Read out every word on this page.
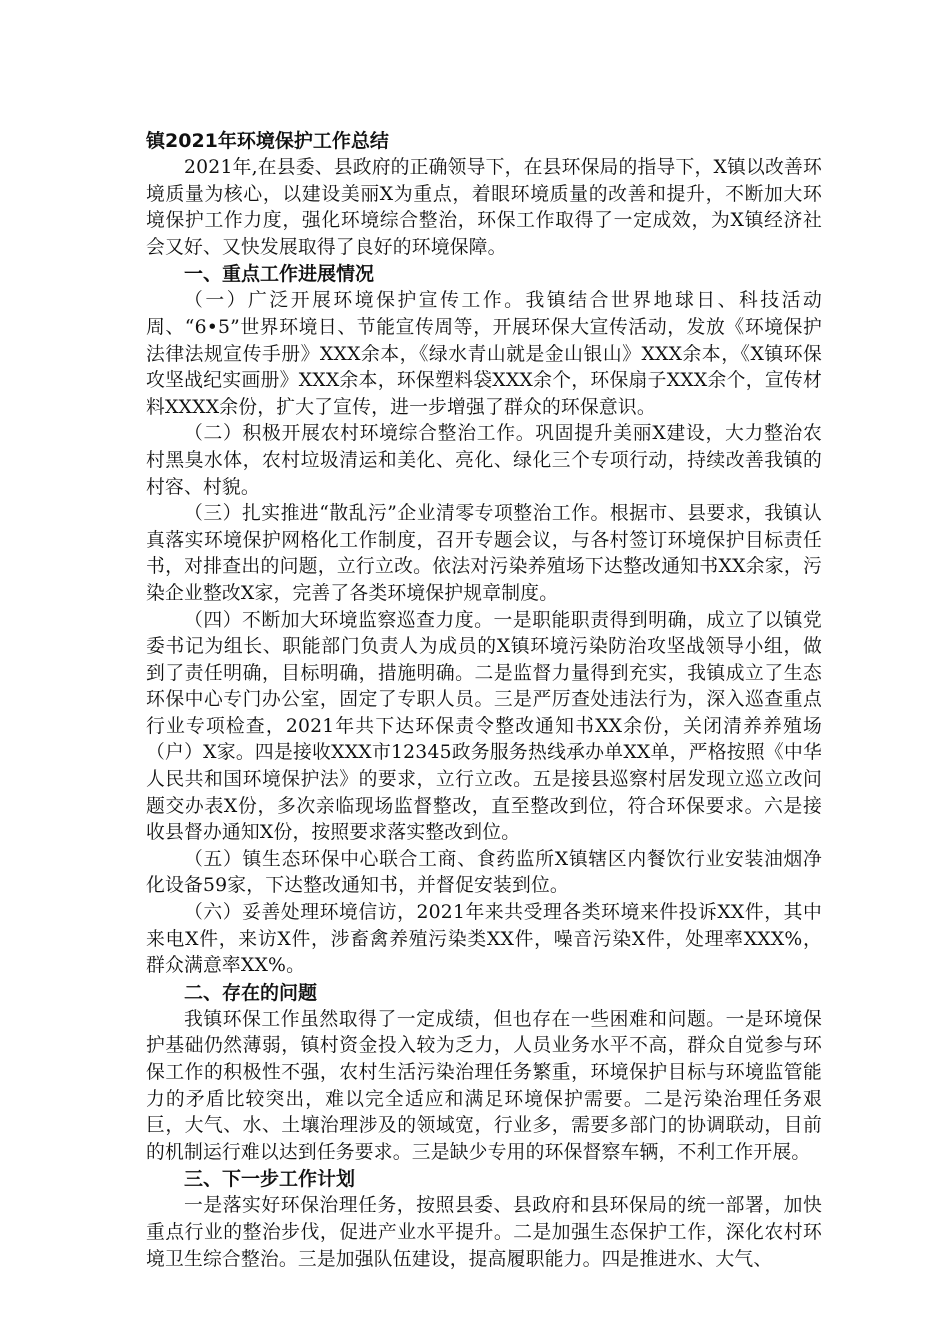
镇2021年环境保护工作总结

2021年,在县委、县政府的正确领导下，在县环保局的指导下，X镇以改善环境质量为核心，以建设美丽X为重点，着眼环境质量的改善和提升，不断加大环境保护工作力度，强化环境综合整治，环保工作取得了一定成效，为X镇经济社会又好、又快发展取得了良好的环境保障。

一、重点工作进展情况

（一）广泛开展环境保护宣传工作。我镇结合世界地球日、科技活动周、“6•5”世界环境日、节能宣传周等，开展环保大宣传活动，发放《环境保护法律法规宣传手册》XXX余本，《绿水青山就是金山银山》XXX余本，《X镇环保攻坚战纪实画册》XXX余本，环保塑料袋XXX余个，环保扇子XXX余个，宣传材料XXXX余份，扩大了宣传，进一步增强了群众的环保意识。

（二）积极开展农村环境综合整治工作。巩固提升美丽X建设，大力整治农村黑臭水体，农村垃圾清运和美化、亮化、绿化三个专项行动，持续改善我镇的村容、村貌。

（三）扎实推进“散乱污”企业清零专项整治工作。根据市、县要求，我镇认真落实环境保护网格化工作制度，召开专题会议，与各村签订环境保护目标责任书，对排查出的问题，立行立改。依法对污染养殖场下达整改通知书XX余家，污染企业整改X家，完善了各类环境保护规章制度。

（四）不断加大环境监察巡查力度。一是职能职责得到明确，成立了以镇党委书记为组长、职能部门负责人为成员的X镇环境污染防治攻坚战领导小组，做到了责任明确，目标明确，措施明确。二是监督力量得到充实，我镇成立了生态环保中心专门办公室，固定了专职人员。三是严厉查处违法行为，深入巡查重点行业专项检查，2021年共下达环保责令整改通知书XX余份，关闭清养养殖场（户）X家。四是接收XXX市12345政务服务热线承办单XX单，严格按照《中华人民共和国环境保护法》的要求，立行立改。五是接县巡察村居发现立巡立改问题交办表X份，多次亲临现场监督整改，直至整改到位，符合环保要求。六是接收县督办通知X份，按照要求落实整改到位。

（五）镇生态环保中心联合工商、食药监所X镇辖区内餐饮行业安装油烟净化设备59家，下达整改通知书，并督促安装到位。

（六）妥善处理环境信访，2021年来共受理各类环境来件投诉XX件，其中来电X件，来访X件，涉畜禽养殖污染类XX件，噪音污染X件，处理率XXX%，群众满意率XX%。

二、存在的问题

我镇环保工作虽然取得了一定成绩，但也存在一些困难和问题。一是环境保护基础仍然薄弱，镇村资金投入较为乏力，人员业务水平不高，群众自觉参与环保工作的积极性不强，农村生活污染治理任务繁重，环境保护目标与环境监管能力的矛盾比较突出，难以完全适应和满足环境保护需要。二是污染治理任务艰巨，大气、水、土壤治理涉及的领域宽，行业多，需要多部门的协调联动，目前的机制运行难以达到任务要求。三是缺少专用的环保督察车辆，不利工作开展。

三、下一步工作计划

一是落实好环保治理任务，按照县委、县政府和县环保局的统一部署，加快重点行业的整治步伐，促进产业水平提升。二是加强生态保护工作，深化农村环境卫生综合整治。三是加强队伍建设，提高履职能力。四是推进水、大气、
